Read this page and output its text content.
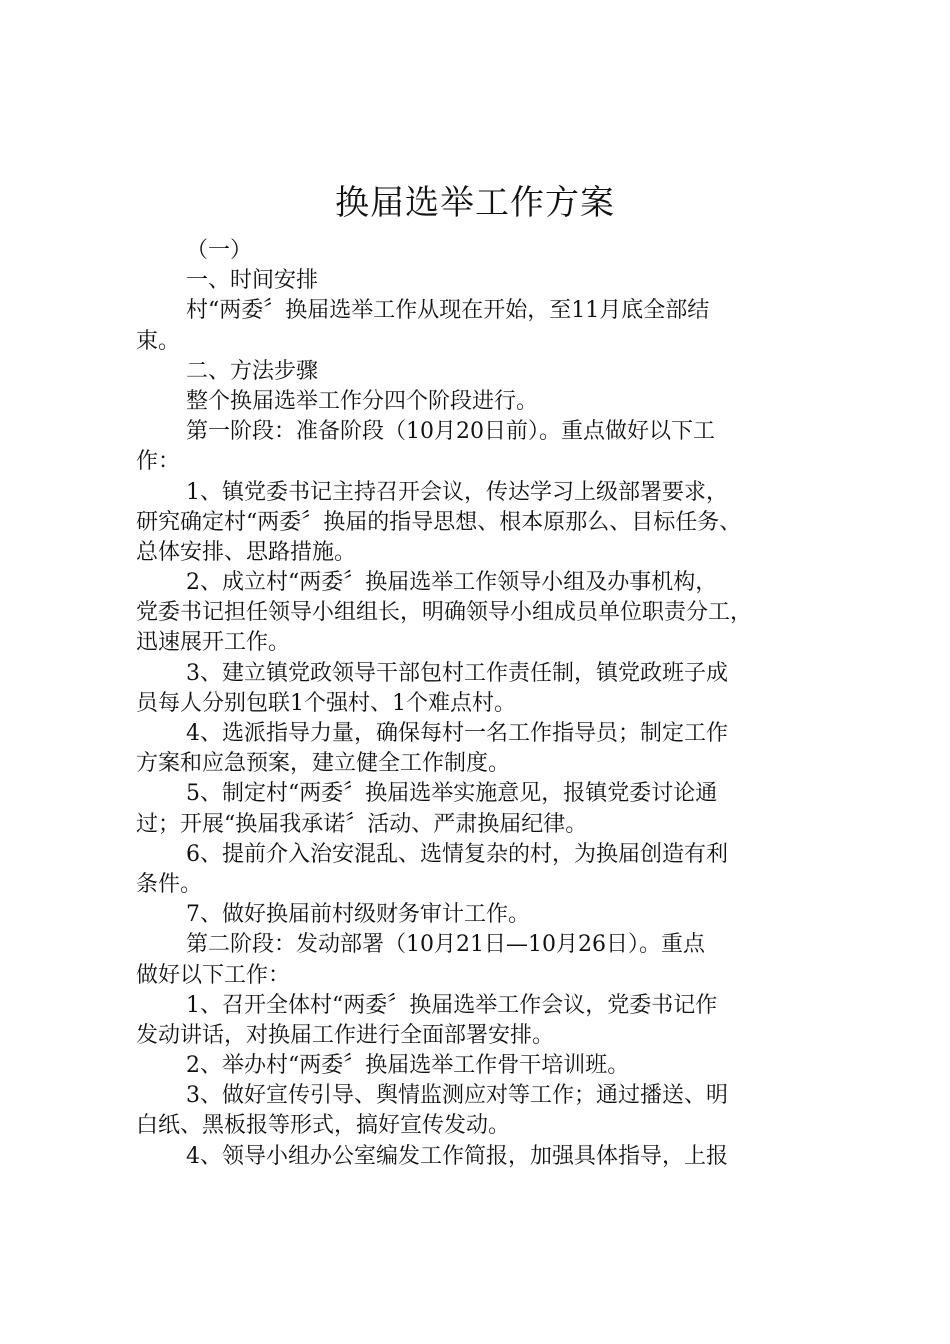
换届选举工作方案

（一）

一、时间安排

村“两委〞换届选举工作从现在开始，至11月底全部结

束。

二、方法步骤

整个换届选举工作分四个阶段进行。

第一阶段：准备阶段（10月20日前）。重点做好以下工

作：

1、镇党委书记主持召开会议，传达学习上级部署要求，

研究确定村“两委〞换届的指导思想、根本原那么、目标任务、

总体安排、思路措施。

2、成立村“两委〞换届选举工作领导小组及办事机构，

党委书记担任领导小组组长，明确领导小组成员单位职责分工，

迅速展开工作。

3、建立镇党政领导干部包村工作责任制，镇党政班子成

员每人分别包联1个强村、1个难点村。

4、选派指导力量，确保每村一名工作指导员；制定工作

方案和应急预案，建立健全工作制度。

5、制定村“两委〞换届选举实施意见，报镇党委讨论通

过；开展“换届我承诺〞活动、严肃换届纪律。

6、提前介入治安混乱、选情复杂的村，为换届创造有利

条件。

7、做好换届前村级财务审计工作。

第二阶段：发动部署（10月21日—10月26日）。重点

做好以下工作：

1、召开全体村“两委〞换届选举工作会议，党委书记作

发动讲话，对换届工作进行全面部署安排。

2、举办村“两委〞换届选举工作骨干培训班。

3、做好宣传引导、舆情监测应对等工作；通过播送、明

白纸、黑板报等形式，搞好宣传发动。

4、领导小组办公室编发工作简报，加强具体指导，上报
